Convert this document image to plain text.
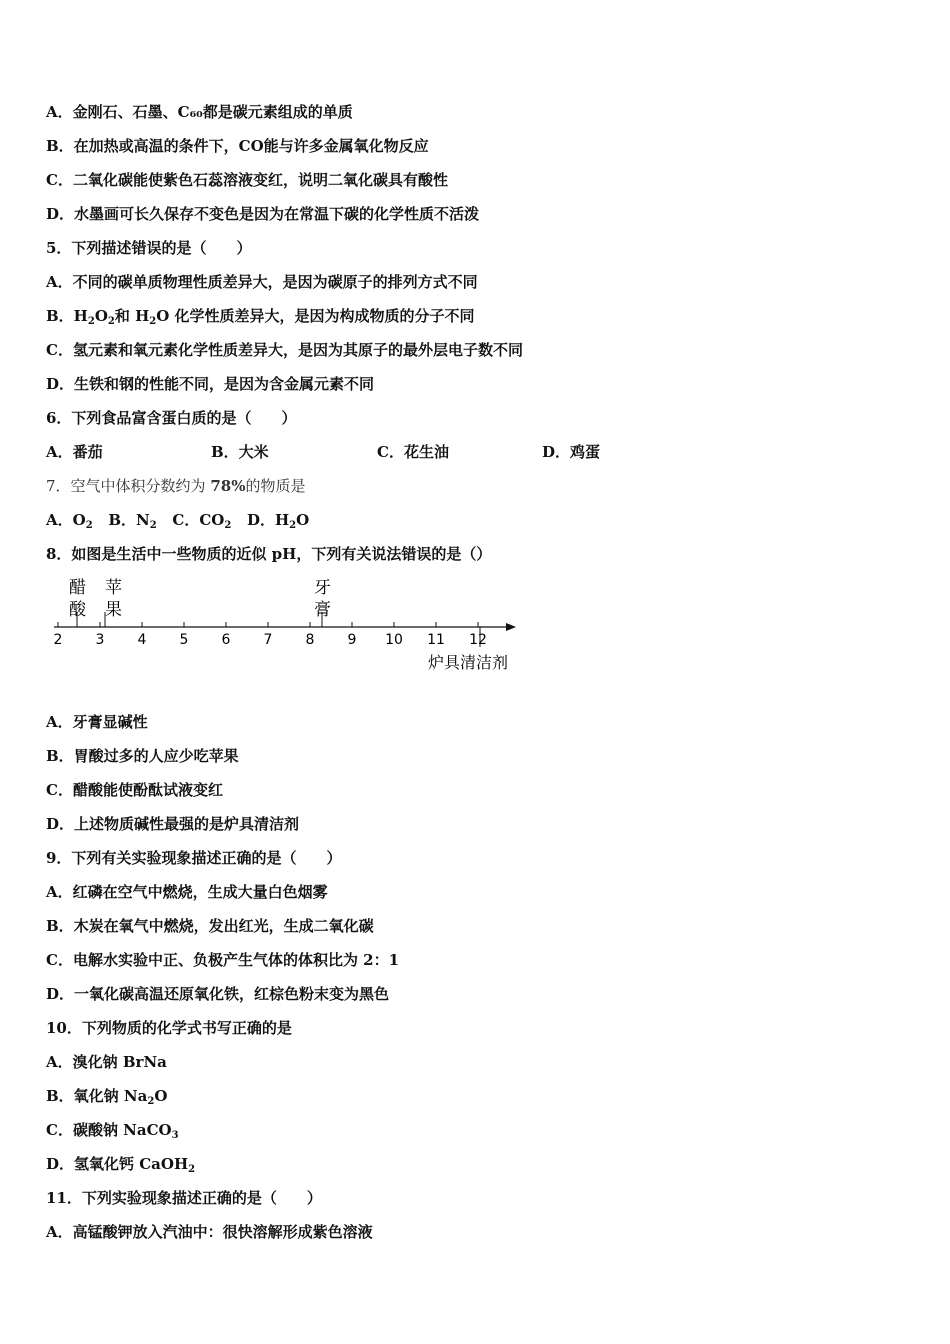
A．金刚石、石墨、C₆₀都是碳元素组成的单质
B．在加热或高温的条件下，CO能与许多金属氧化物反应
C．二氧化碳能使紫色石蕊溶液变红，说明二氧化碳具有酸性
D．水墨画可长久保存不变色是因为在常温下碳的化学性质不活泼
5．下列描述错误的是（　　）
A．不同的碳单质物理性质差异大，是因为碳原子的排列方式不同
B．$H_2O_2$和 $H_2O$ 化学性质差异大，是因为构成物质的分子不同
C．氢元素和氧元素化学性质差异大，是因为其原子的最外层电子数不同
D．生铁和钢的性能不同，是因为含金属元素不同
6．下列食品富含蛋白质的是（　　）
A．番茄	B．大米	C．花生油	D．鸡蛋
7．空气中体积分数约为 78%的物质是
A．$O_2$ B．$N_2$ C．$CO_2$ D．$H_2O$
8．如图是生活中一些物质的近似 pH，下列有关说法错误的是（）
2 3 4 5 6 7 8 9 10 11 12
醋
酸
苹
果
牙
膏
炉具清洁剂
A．牙膏显碱性
B．胃酸过多的人应少吃苹果
C．醋酸能使酚酞试液变红
D．上述物质碱性最强的是炉具清洁剂
9．下列有关实验现象描述正确的是（　　）
A．红磷在空气中燃烧，生成大量白色烟雾
B．木炭在氧气中燃烧，发出红光，生成二氧化碳
C．电解水实验中正、负极产生气体的体积比为 2：1
D．一氧化碳高温还原氧化铁，红棕色粉末变为黑色
10．下列物质的化学式书写正确的是
A．溴化钠 BrNa
B．氧化钠 $Na_2O$
C．碳酸钠 NaCO$_3$
D．氢氧化钙 CaOH$_2$
11．下列实验现象描述正确的是（　　）
A．高锰酸钾放入汽油中：很快溶解形成紫色溶液
